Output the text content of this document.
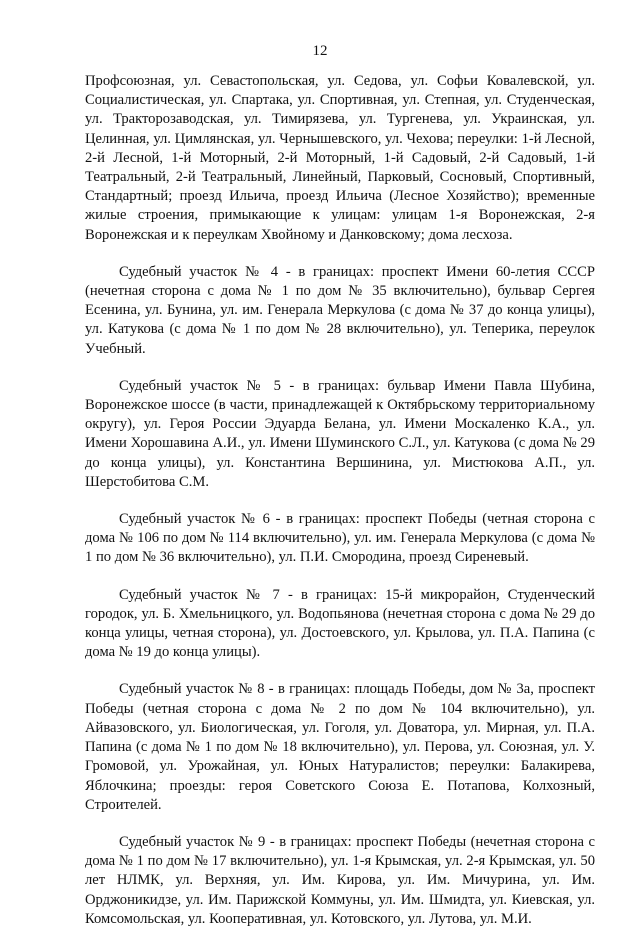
12

Профсоюзная, ул. Севастопольская, ул. Седова, ул. Софьи Ковалевской, ул. Социалистическая, ул. Спартака, ул. Спортивная, ул. Степная, ул. Студенческая, ул. Тракторозаводская, ул. Тимирязева, ул. Тургенева, ул. Украинская, ул. Целинная, ул. Цимлянская, ул. Чернышевского, ул. Чехова; переулки: 1-й Лесной, 2-й Лесной, 1-й Моторный, 2-й Моторный, 1-й Садовый, 2-й Садовый, 1-й Театральный, 2-й Театральный, Линейный, Парковый, Сосновый, Спортивный, Стандартный; проезд Ильича, проезд Ильича (Лесное Хозяйство); временные жилые строения, примыкающие к улицам: улицам 1-я Воронежская, 2-я Воронежская и к переулкам Хвойному и Данковскому; дома лесхоза.

Судебный участок № 4 - в границах: проспект Имени 60-летия СССР (нечетная сторона с дома № 1 по дом № 35 включительно), бульвар Сергея Есенина, ул. Бунина, ул. им. Генерала Меркулова (с дома № 37 до конца улицы), ул. Катукова (с дома № 1 по дом № 28 включительно), ул. Теперика, переулок Учебный.

Судебный участок № 5 - в границах: бульвар Имени Павла Шубина, Воронежское шоссе (в части, принадлежащей к Октябрьскому территориальному округу), ул. Героя России Эдуарда Белана, ул. Имени Москаленко К.А., ул. Имени Хорошавина А.И., ул. Имени Шуминского С.Л., ул. Катукова (с дома № 29 до конца улицы), ул. Константина Вершинина, ул. Мистюкова А.П., ул. Шерстобитова С.М.

Судебный участок № 6 - в границах: проспект Победы (четная сторона с дома № 106 по дом № 114 включительно), ул. им. Генерала Меркулова (с дома № 1 по дом № 36 включительно), ул. П.И. Смородина, проезд Сиреневый.

Судебный участок № 7 - в границах: 15-й микрорайон, Студенческий городок, ул. Б. Хмельницкого, ул. Водопьянова (нечетная сторона с дома № 29 до конца улицы, четная сторона), ул. Достоевского, ул. Крылова, ул. П.А. Папина (с дома № 19 до конца улицы).

Судебный участок № 8 - в границах: площадь Победы, дом № 3а, проспект Победы (четная сторона с дома № 2 по дом № 104 включительно), ул. Айвазовского, ул. Биологическая, ул. Гоголя, ул. Доватора, ул. Мирная, ул. П.А. Папина (с дома № 1 по дом № 18 включительно), ул. Перова, ул. Союзная, ул. У. Громовой, ул. Урожайная, ул. Юных Натуралистов; переулки: Балакирева, Яблочкина; проезды: героя Советского Союза Е. Потапова, Колхозный, Строителей.

Судебный участок № 9 - в границах: проспект Победы (нечетная сторона с дома № 1 по дом № 17 включительно), ул. 1-я Крымская, ул. 2-я Крымская, ул. 50 лет НЛМК, ул. Верхняя, ул. Им. Кирова, ул. Им. Мичурина, ул. Им. Орджоникидзе, ул. Им. Парижской Коммуны, ул. Им. Шмидта, ул. Киевская, ул. Комсомольская, ул. Кооперативная, ул. Котовского, ул. Лутова, ул. М.И.
